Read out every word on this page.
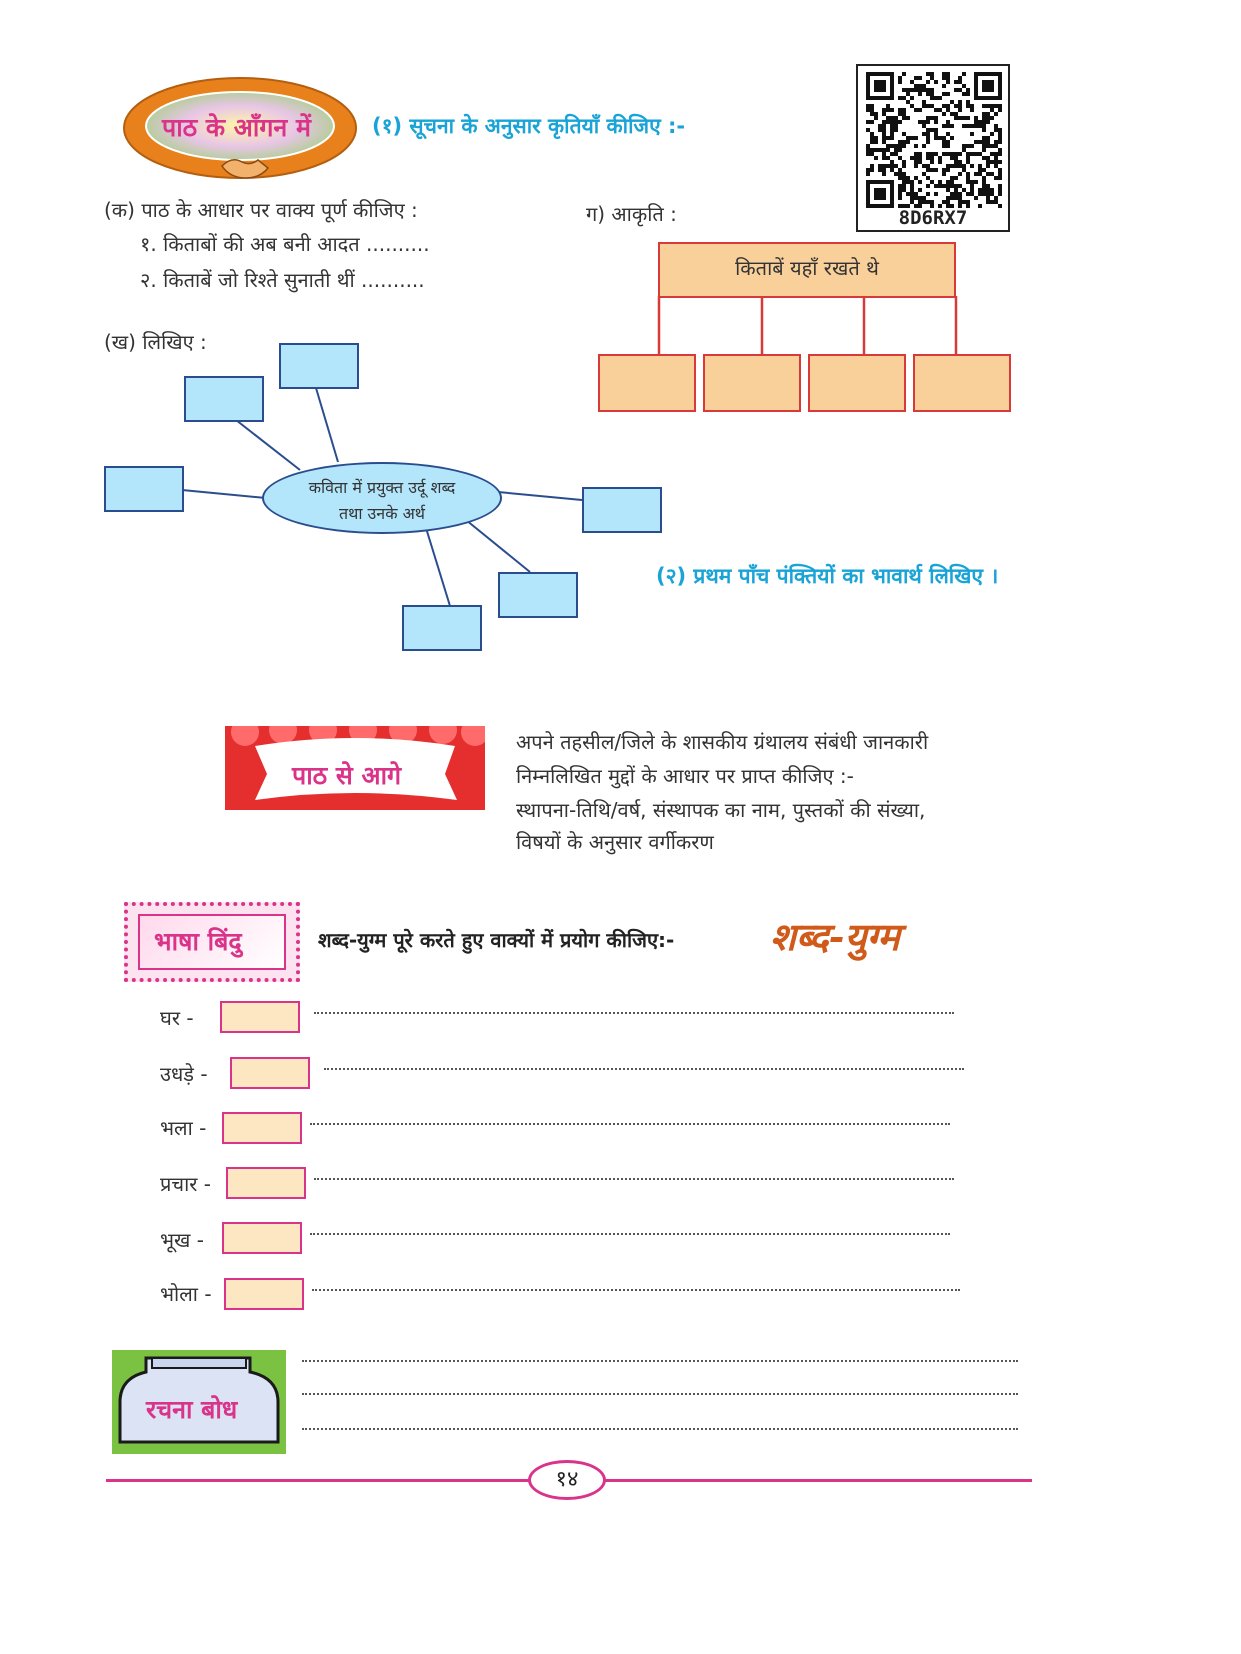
पाठ के आँगन में	(१) सूचना के अनुसार कृतियाँ कीजिए :-
8D6RX7
(क) पाठ के आधार पर वाक्य पूर्ण कीजिए :
१. किताबों की अब बनी आदत ..........
२. किताबें जो रिश्ते सुनाती थीं ..........
ग) आकृति :
किताबें यहाँ रखते थे
(ख) लिखिए :
कविता में प्रयुक्त उर्दू शब्द
तथा उनके अर्थ
(२) प्रथम पाँच पंक्तियों का भावार्थ लिखिए ।
पाठ से आगे
अपने तहसील/जिले के शासकीय ग्रंथालय संबंधी जानकारी
निम्नलिखित मुद्दों के आधार पर प्राप्त कीजिए :-
स्थापना-तिथि/वर्ष, संस्थापक का नाम, पुस्तकों की संख्या,
विषयों के अनुसार वर्गीकरण
भाषा बिंदु	शब्द-युग्म पूरे करते हुए वाक्यों में प्रयोग कीजिए:-	शब्द-युग्म
घर -
उधड़े -
भला -
प्रचार -
भूख -
भोला -
रचना बोध
१४
